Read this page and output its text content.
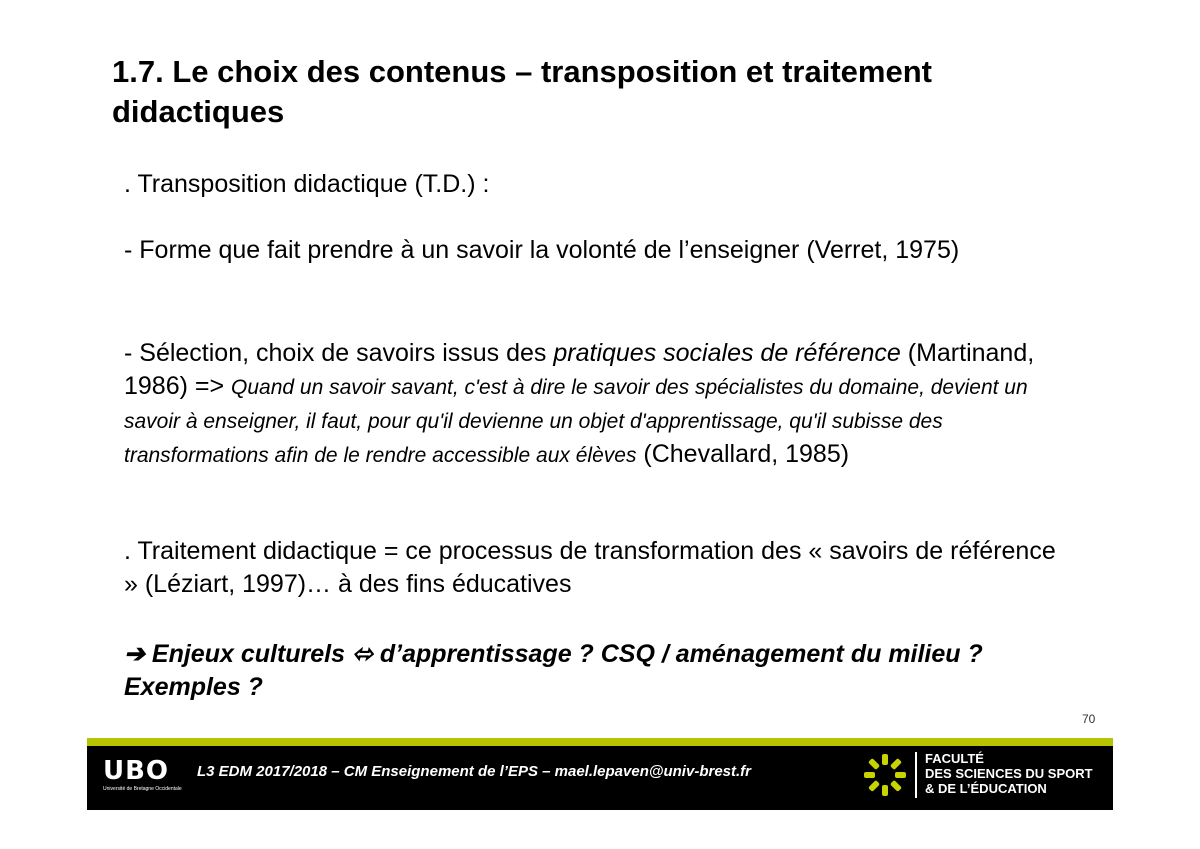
1.7. Le choix des contenus – transposition et traitement didactiques
. Transposition didactique (T.D.) :
- Forme que fait prendre à un savoir la volonté de l’enseigner (Verret, 1975)
- Sélection, choix de savoirs issus des pratiques sociales de référence (Martinand, 1986) => Quand un savoir savant, c'est à dire le savoir des spécialistes du domaine, devient un savoir à enseigner, il faut, pour qu'il devienne un objet d'apprentissage, qu'il subisse des transformations afin de le rendre accessible aux élèves (Chevallard, 1985)
. Traitement didactique = ce processus de transformation des « savoirs de référence » (Léziart, 1997)… à des fins éducatives
➔ Enjeux culturels ⬄ d’apprentissage ? CSQ / aménagement du milieu ? Exemples ?
70
UBO
Université de Bretagne Occidentale
L3 EDM 2017/2018 – CM Enseignement de l’EPS – mael.lepaven@univ-brest.fr
FACULTÉ
DES SCIENCES DU SPORT
& DE L’ÉDUCATION
